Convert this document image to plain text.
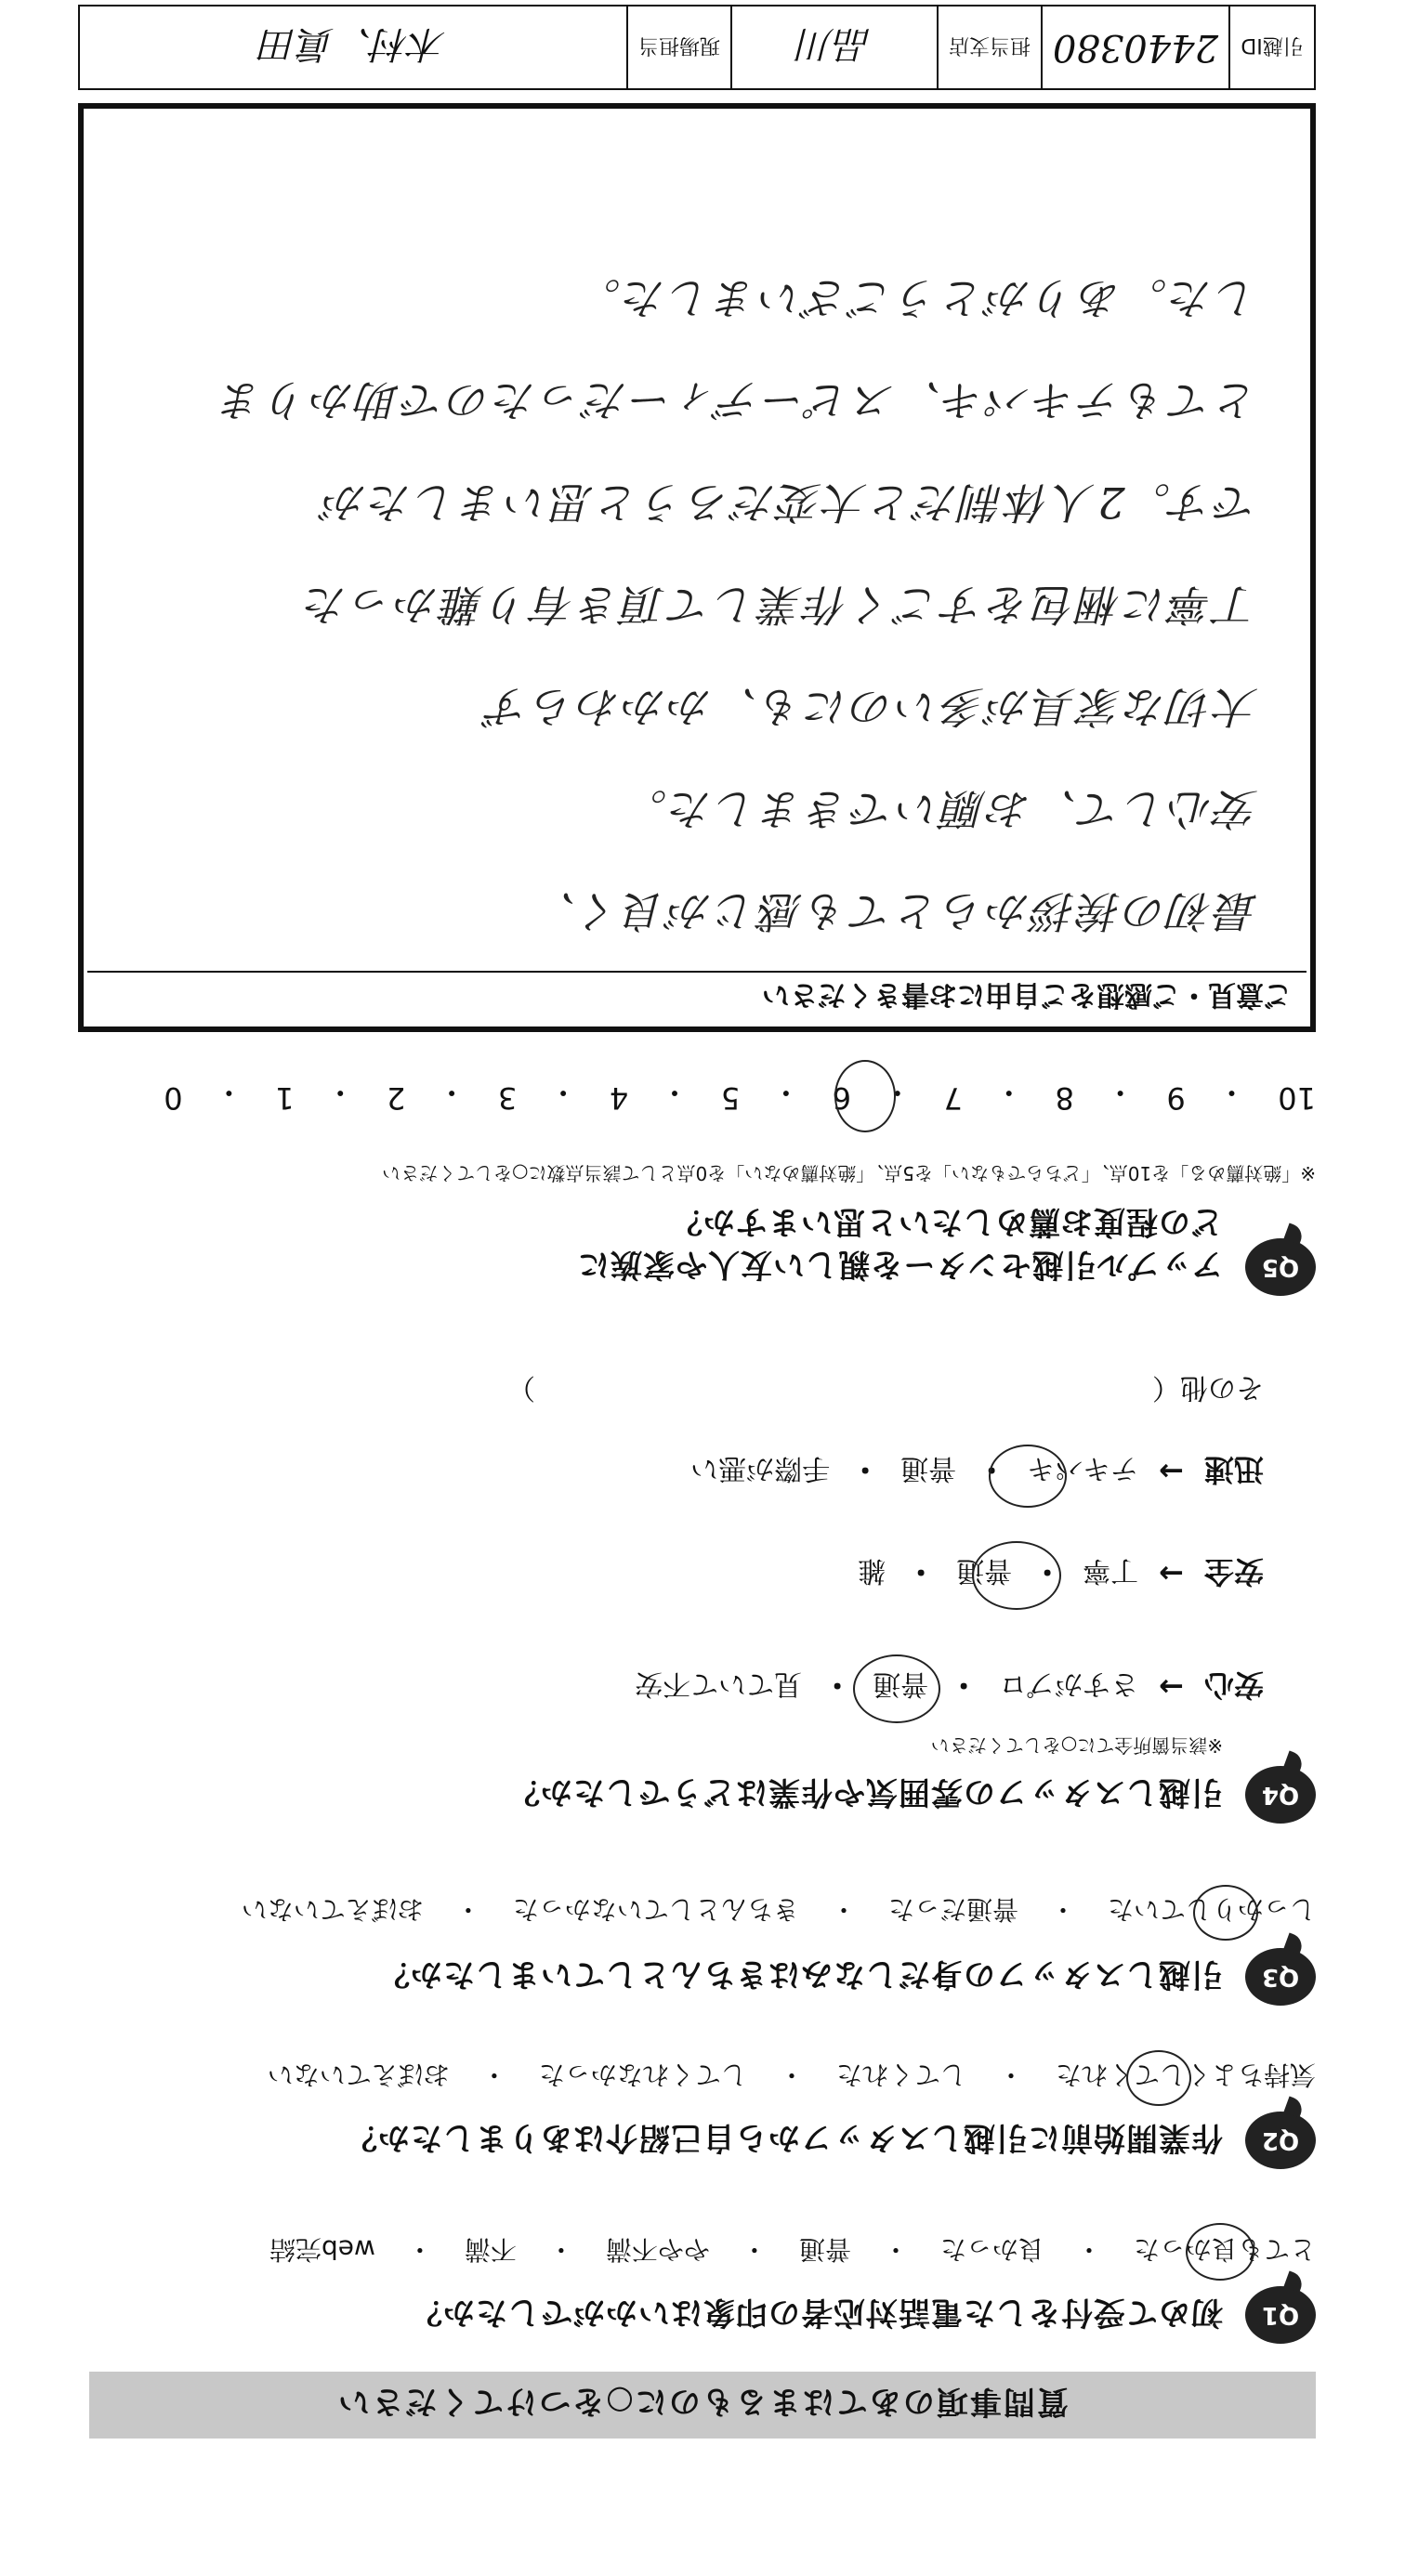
質問事項のあてはまるものに○をつけてください
Q1
初めて受付をした電話対応者の印象はいかがでしたか？
とても良かった
・
良かった
・
普通
・
やや不満
・
不満
・
web完結
Q2
作業開始前に引越しスタッフから自己紹介はありましたか？
気持ちよくしてくれた
・
してくれた
・
してくれなかった
・
おぼえていない
Q3
引越しスタッフの身だしなみはきちんとしていましたか？
しっかりしていた
・
普通だった
・
きちんとしていなかった
・
おぼえていない
Q4
引越しスタッフの雰囲気や作業はどうでしたか？
※該当箇所全てに○をしてください
安心
→
さすがプロ
・
普通
・
見ていて不安
安全
→
丁寧
・
普通
・
雑
迅速
→
テキパキ
・
普通
・
手際が悪い
その他（
）
Q5
アップル引越センターを親しい友人や家族に
どの程度お薦めしたいと思いますか？
※「絶対薦める」を10点、「どちらでもない」を5点、「絶対薦めない」を0点として該当点数に○をしてください
10
・
9
・
8
・
7
・
6
・
5
・
4
・
3
・
2
・
1
・
0
ご意見・ご感想をご自由にお書きください
最初の挨拶からとても感じが良く、
安心して、お願いできました。
大切な家具が多いのにも、かかわらず
丁寧に梱包をすごく作業して頂き有り難かった
です。2人体制だと大変だろうと思いましたが
とてもテキパキ、スピーディーだったので助かりま
した。ありがとうございました。
引越ID
2440380
担当支店
品川
現場担当
木村、眞田
